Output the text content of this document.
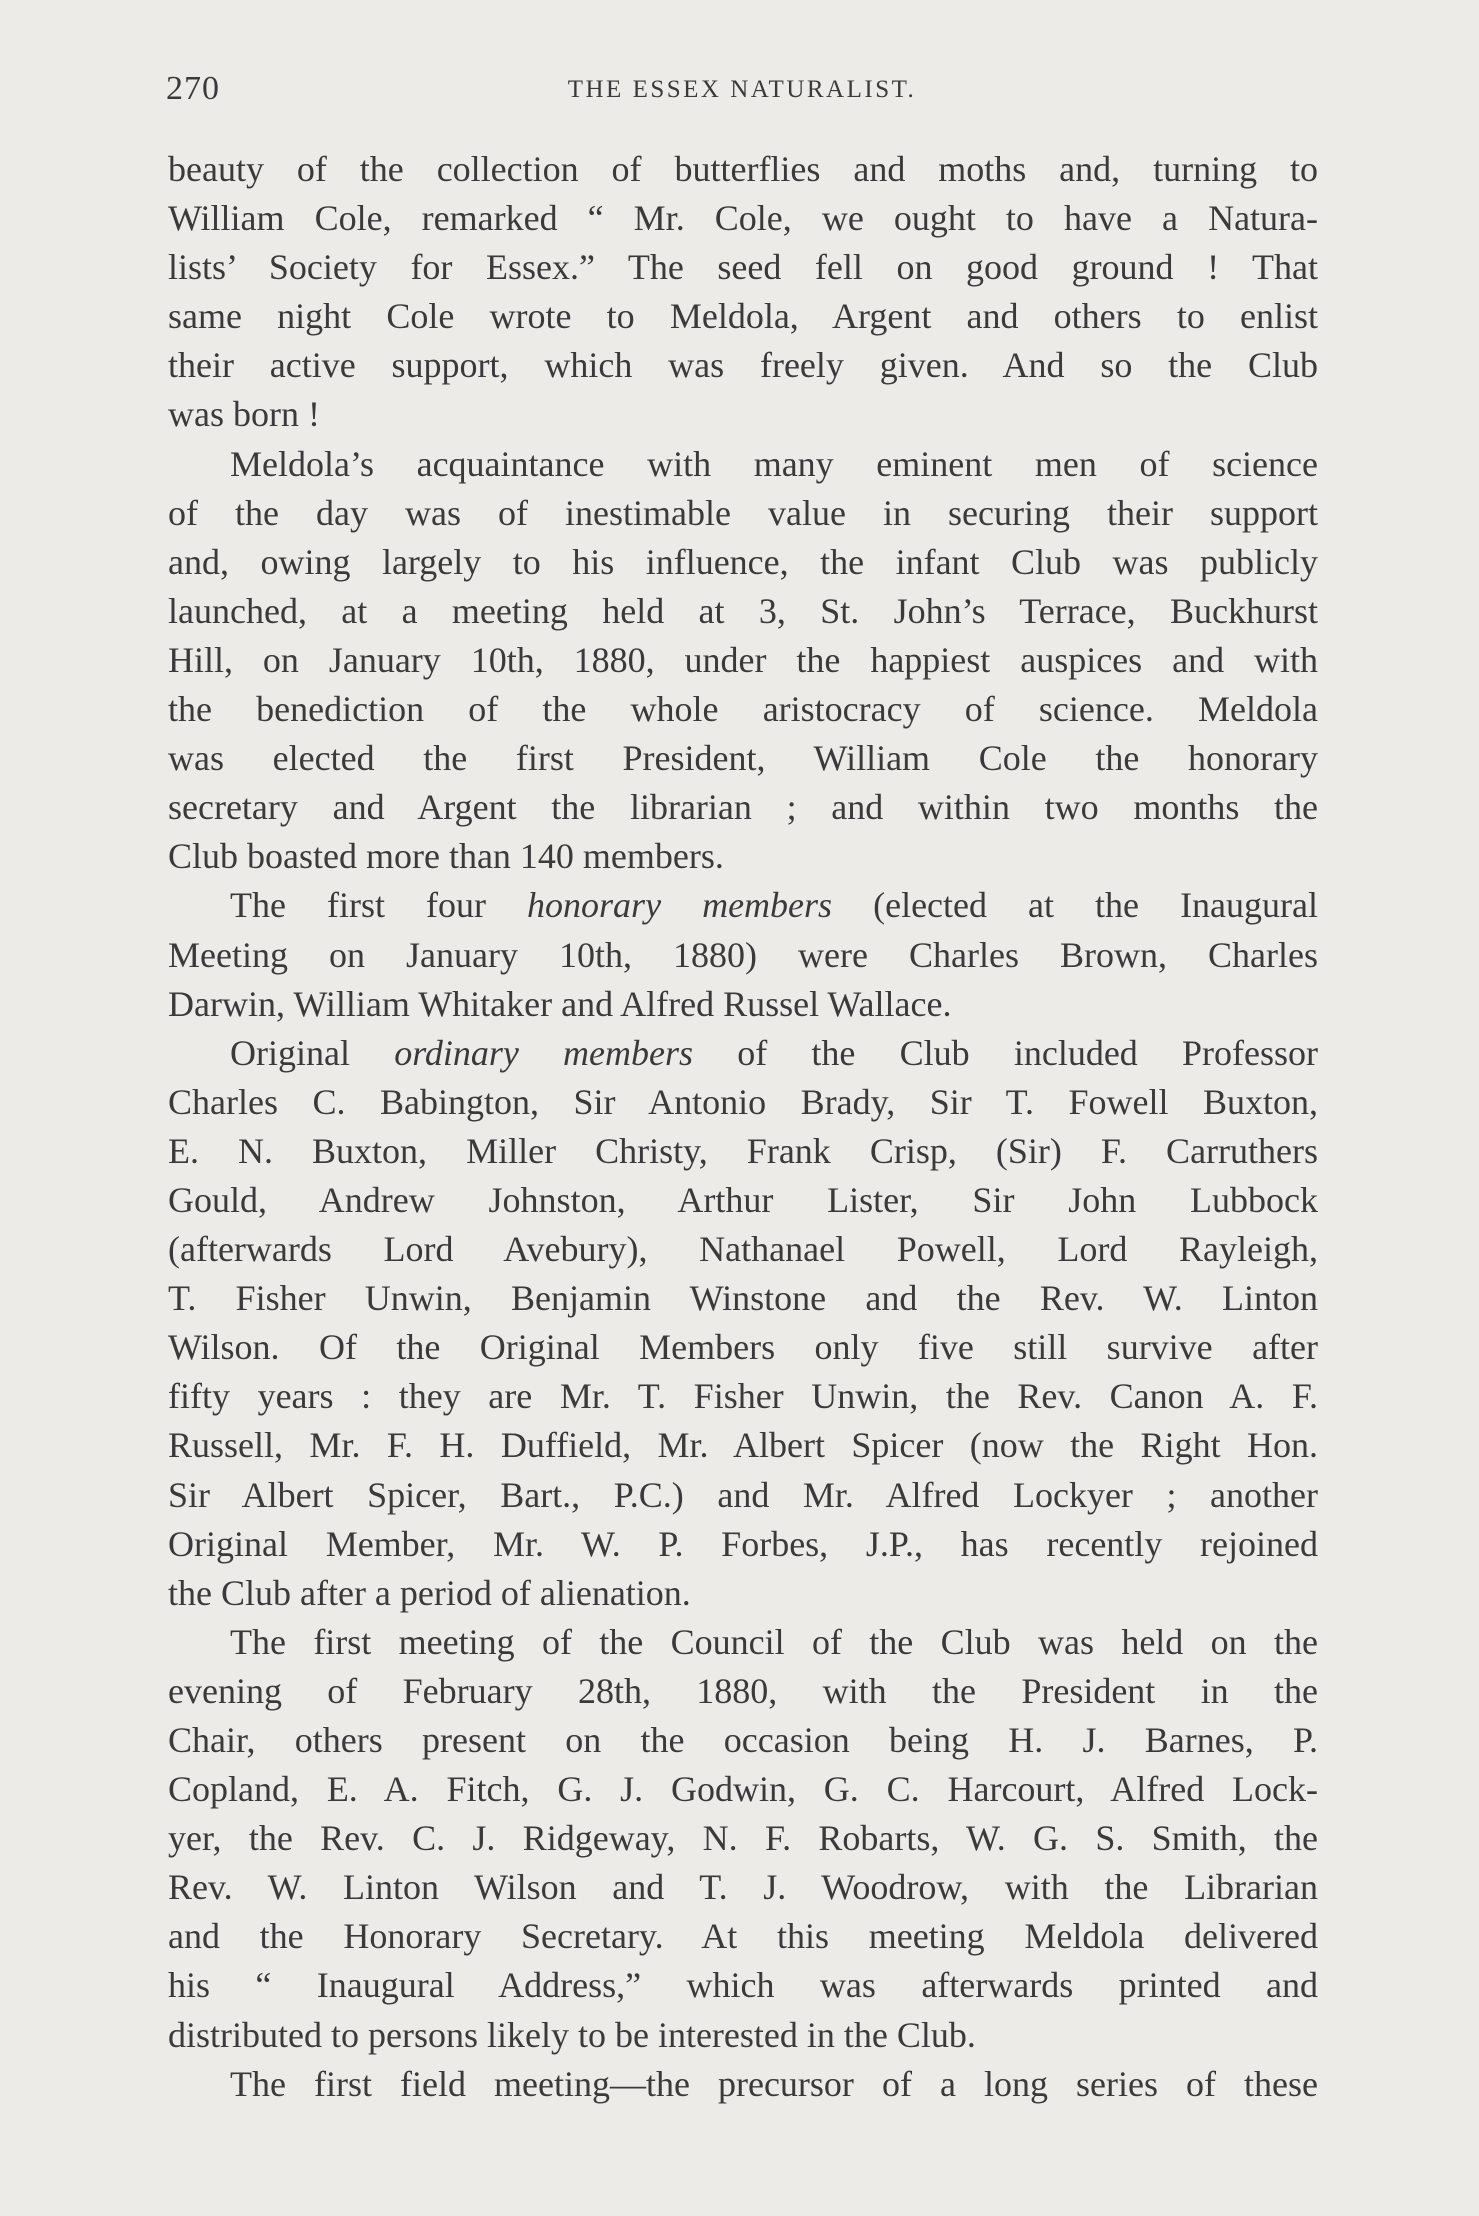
270	THE ESSEX NATURALIST.
beauty of the collection of butterflies and moths and, turning to
William Cole, remarked “ Mr. Cole, we ought to have a Natura-
lists’ Society for Essex.” The seed fell on good ground ! That
same night Cole wrote to Meldola, Argent and others to enlist
their active support, which was freely given. And so the Club
was born !
Meldola’s acquaintance with many eminent men of science
of the day was of inestimable value in securing their support
and, owing largely to his influence, the infant Club was publicly
launched, at a meeting held at 3, St. John’s Terrace, Buckhurst
Hill, on January 10th, 1880, under the happiest auspices and with
the benediction of the whole aristocracy of science. Meldola
was elected the first President, William Cole the honorary
secretary and Argent the librarian ; and within two months the
Club boasted more than 140 members.
The first four honorary members (elected at the Inaugural
Meeting on January 10th, 1880) were Charles Brown, Charles
Darwin, William Whitaker and Alfred Russel Wallace.
Original ordinary members of the Club included Professor
Charles C. Babington, Sir Antonio Brady, Sir T. Fowell Buxton,
E. N. Buxton, Miller Christy, Frank Crisp, (Sir) F. Carruthers
Gould, Andrew Johnston, Arthur Lister, Sir John Lubbock
(afterwards Lord Avebury), Nathanael Powell, Lord Rayleigh,
T. Fisher Unwin, Benjamin Winstone and the Rev. W. Linton
Wilson. Of the Original Members only five still survive after
fifty years : they are Mr. T. Fisher Unwin, the Rev. Canon A. F.
Russell, Mr. F. H. Duffield, Mr. Albert Spicer (now the Right Hon.
Sir Albert Spicer, Bart., P.C.) and Mr. Alfred Lockyer ; another
Original Member, Mr. W. P. Forbes, J.P., has recently rejoined
the Club after a period of alienation.
The first meeting of the Council of the Club was held on the
evening of February 28th, 1880, with the President in the
Chair, others present on the occasion being H. J. Barnes, P.
Copland, E. A. Fitch, G. J. Godwin, G. C. Harcourt, Alfred Lock-
yer, the Rev. C. J. Ridgeway, N. F. Robarts, W. G. S. Smith, the
Rev. W. Linton Wilson and T. J. Woodrow, with the Librarian
and the Honorary Secretary. At this meeting Meldola delivered
his “ Inaugural Address,” which was afterwards printed and
distributed to persons likely to be interested in the Club.
The first field meeting—the precursor of a long series of these
